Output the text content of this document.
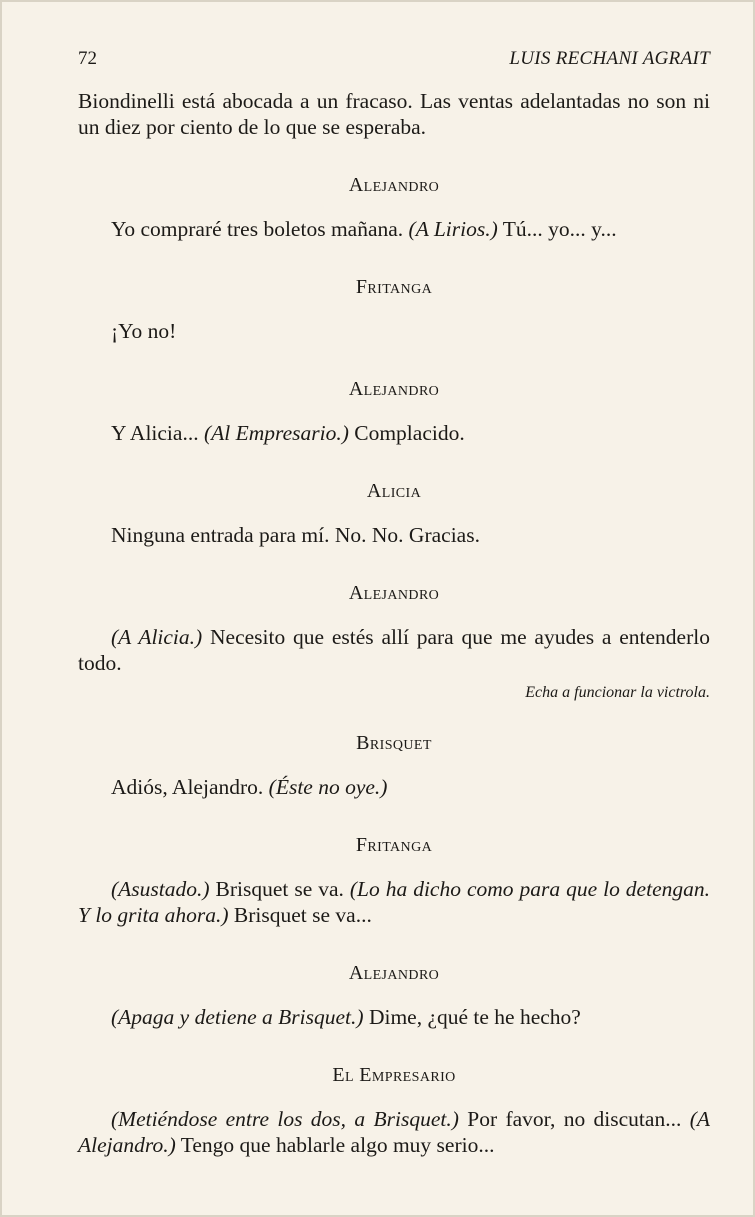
72	LUIS RECHANI AGRAIT

Biondinelli está abocada a un fracaso. Las ventas adelantadas no son ni un diez por ciento de lo que se esperaba.

Alejandro

Yo compraré tres boletos mañana. (A Lirios.) Tú... yo... y...

Fritanga

¡Yo no!

Alejandro

Y Alicia... (Al Empresario.) Complacido.

Alicia

Ninguna entrada para mí. No. No. Gracias.

Alejandro

(A Alicia.) Necesito que estés allí para que me ayudes a entenderlo todo.

Echa a funcionar la victrola.

Brisquet

Adiós, Alejandro. (Éste no oye.)

Fritanga

(Asustado.) Brisquet se va. (Lo ha dicho como para que lo detengan. Y lo grita ahora.) Brisquet se va...

Alejandro

(Apaga y detiene a Brisquet.) Dime, ¿qué te he hecho?

El Empresario

(Metiéndose entre los dos, a Brisquet.) Por favor, no discutan... (A Alejandro.) Tengo que hablarle algo muy serio...
